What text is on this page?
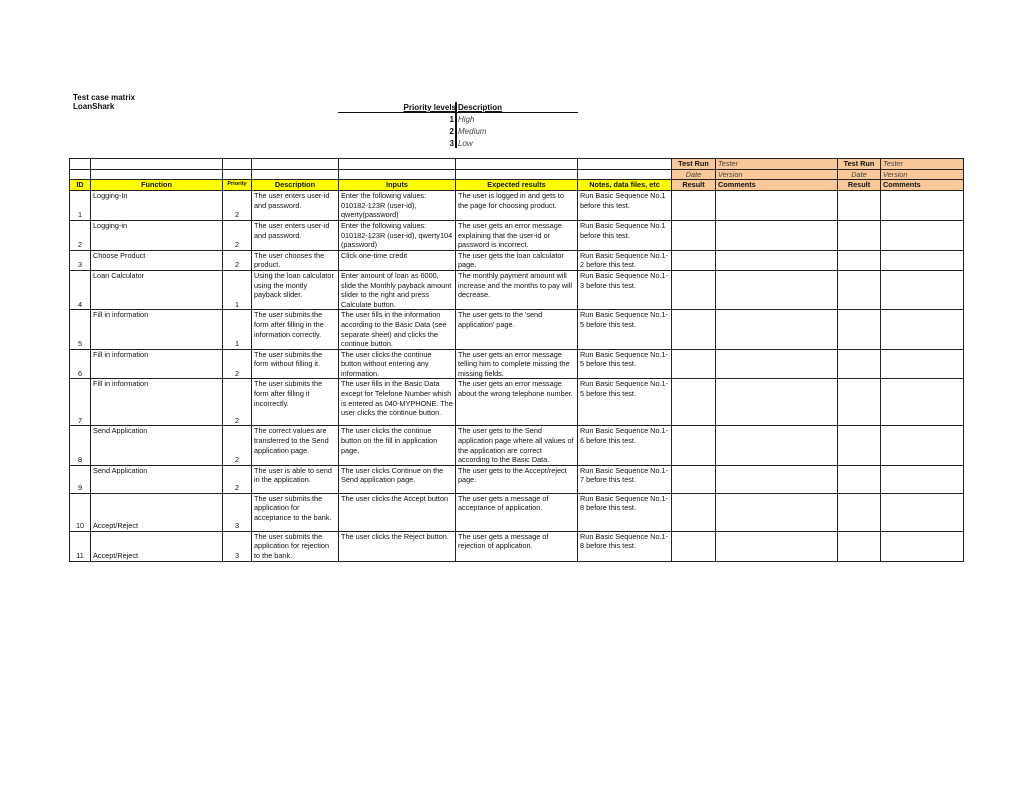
Test case matrix
LoanShark	Priority levels Description
1 High
2 Medium
3 Low
							Test Run	Tester	Test Run	Tester
							Date	Version	Date	Version
ID	Function	Priority	Description	Inputs	Expected results	Notes, data files, etc	Result	Comments	Result	Comments
1	Logging-In	2	The user enters user-id and password.	Enter the following values: 010182-123R (user-id), qwerty(password)	The user is logged in and gets to the page for choosing product.	Run Basic Sequence No.1 before this test.				
2	Logging-in	2	The user enters user-id and password.	Enter the following values: 010182-123R (user-id), qwerty104 (password)	The user gets an error message explaining that the user-id or password is incorrect.	Run Basic Sequence No.1 before this test.				
3	Choose Product	2	The user chooses the product.	Click one-time credit	The user gets the loan calculator page.	Run Basic Sequence No.1-2 before this test.				
4	Loan Calculator	1	Using the loan calculator using the montly payback slider.	Enter amount of loan as 6000, slide the Monthly payback amount slider to the right and press Calculate button.	The monthly payment amount will increase and the months to pay will decrease.	Run Basic Sequence No.1-3 before this test.				
5	Fill in information	1	The user submits the form after filling in the information correctly.	The user fills in the information according to the Basic Data (see separate sheet) and clicks the continue button.	The user gets to the 'send application' page.	Run Basic Sequence No.1-5 before this test.				
6	Fill in information	2	The user submits the form without filling it.	The user clicks the continue button without entering any information.	The user gets an error message telling him to complete missing the missing fields.	Run Basic Sequence No.1-5 before this test.				
7	Fill in information	2	The user submits the form after filling it incorrectly.	The user fills in the Basic Data except for Telefone Number whish is entered as 040-MYPHONE. The user clicks the continue button.	The user gets an error message about the wrong telephone number.	Run Basic Sequence No.1-5 before this test.				
8	Send Application	2	The correct values are transferred to the Send application page.	The user clicks the continue button on the fill in application page.	The user gets to the Send application page where all values of the application are correct according to the Basic Data.	Run Basic Sequence No.1-6 before this test.				
9	Send Application	2	The user is able to send in the application.	The user clicks Continue on the Send application page.	The user gets to the Accept/reject page.	Run Basic Sequence No.1-7 before this test.				
10	Accept/Reject	3	The user submits the application for acceptance to the bank.	The user clicks the Accept button	The user gets a message of acceptance of application.	Run Basic Sequence No.1-8 before this test.				
11	Accept/Reject	3	The user submits the application for rejection to the bank.	The user clicks the Reject button.	The user gets a message of rejection of application.	Run Basic Sequence No.1-8 before this test.				
